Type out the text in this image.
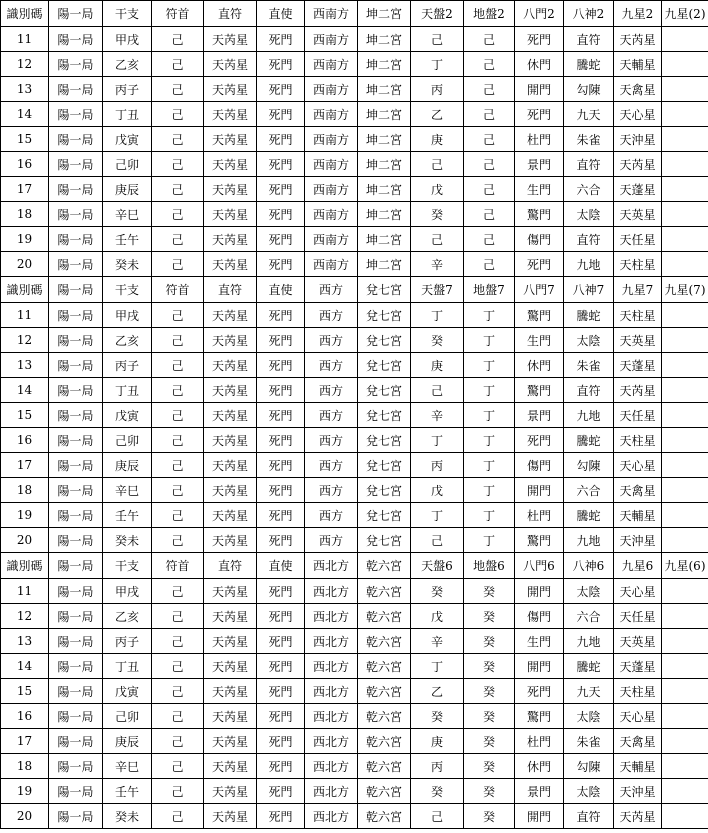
識別碼	陽一局	干支	符首	直符	直使	西南方	坤二宮	天盤2	地盤2	八門2	八神2	九星2	九星(2)
11	陽一局	甲戌	己	天芮星	死門	西南方	坤二宮	己	己	死門	直符	天芮星	
12	陽一局	乙亥	己	天芮星	死門	西南方	坤二宮	丁	己	休門	騰蛇	天輔星	
13	陽一局	丙子	己	天芮星	死門	西南方	坤二宮	丙	己	開門	勾陳	天禽星	
14	陽一局	丁丑	己	天芮星	死門	西南方	坤二宮	乙	己	死門	九天	天心星	
15	陽一局	戊寅	己	天芮星	死門	西南方	坤二宮	庚	己	杜門	朱雀	天沖星	
16	陽一局	己卯	己	天芮星	死門	西南方	坤二宮	己	己	景門	直符	天芮星	
17	陽一局	庚辰	己	天芮星	死門	西南方	坤二宮	戊	己	生門	六合	天蓬星	
18	陽一局	辛巳	己	天芮星	死門	西南方	坤二宮	癸	己	驚門	太陰	天英星	
19	陽一局	壬午	己	天芮星	死門	西南方	坤二宮	己	己	傷門	直符	天任星	
20	陽一局	癸未	己	天芮星	死門	西南方	坤二宮	辛	己	死門	九地	天柱星	
識別碼	陽一局	干支	符首	直符	直使	西方	兌七宮	天盤7	地盤7	八門7	八神7	九星7	九星(7)
11	陽一局	甲戌	己	天芮星	死門	西方	兌七宮	丁	丁	驚門	騰蛇	天柱星	
12	陽一局	乙亥	己	天芮星	死門	西方	兌七宮	癸	丁	生門	太陰	天英星	
13	陽一局	丙子	己	天芮星	死門	西方	兌七宮	庚	丁	休門	朱雀	天蓬星	
14	陽一局	丁丑	己	天芮星	死門	西方	兌七宮	己	丁	驚門	直符	天芮星	
15	陽一局	戊寅	己	天芮星	死門	西方	兌七宮	辛	丁	景門	九地	天任星	
16	陽一局	己卯	己	天芮星	死門	西方	兌七宮	丁	丁	死門	騰蛇	天柱星	
17	陽一局	庚辰	己	天芮星	死門	西方	兌七宮	丙	丁	傷門	勾陳	天心星	
18	陽一局	辛巳	己	天芮星	死門	西方	兌七宮	戊	丁	開門	六合	天禽星	
19	陽一局	壬午	己	天芮星	死門	西方	兌七宮	丁	丁	杜門	騰蛇	天輔星	
20	陽一局	癸未	己	天芮星	死門	西方	兌七宮	己	丁	驚門	九地	天沖星	
識別碼	陽一局	干支	符首	直符	直使	西北方	乾六宮	天盤6	地盤6	八門6	八神6	九星6	九星(6)
11	陽一局	甲戌	己	天芮星	死門	西北方	乾六宮	癸	癸	開門	太陰	天心星	
12	陽一局	乙亥	己	天芮星	死門	西北方	乾六宮	戊	癸	傷門	六合	天任星	
13	陽一局	丙子	己	天芮星	死門	西北方	乾六宮	辛	癸	生門	九地	天英星	
14	陽一局	丁丑	己	天芮星	死門	西北方	乾六宮	丁	癸	開門	騰蛇	天蓬星	
15	陽一局	戊寅	己	天芮星	死門	西北方	乾六宮	乙	癸	死門	九天	天柱星	
16	陽一局	己卯	己	天芮星	死門	西北方	乾六宮	癸	癸	驚門	太陰	天心星	
17	陽一局	庚辰	己	天芮星	死門	西北方	乾六宮	庚	癸	杜門	朱雀	天禽星	
18	陽一局	辛巳	己	天芮星	死門	西北方	乾六宮	丙	癸	休門	勾陳	天輔星	
19	陽一局	壬午	己	天芮星	死門	西北方	乾六宮	癸	癸	景門	太陰	天沖星	
20	陽一局	癸未	己	天芮星	死門	西北方	乾六宮	己	癸	開門	直符	天芮星	
